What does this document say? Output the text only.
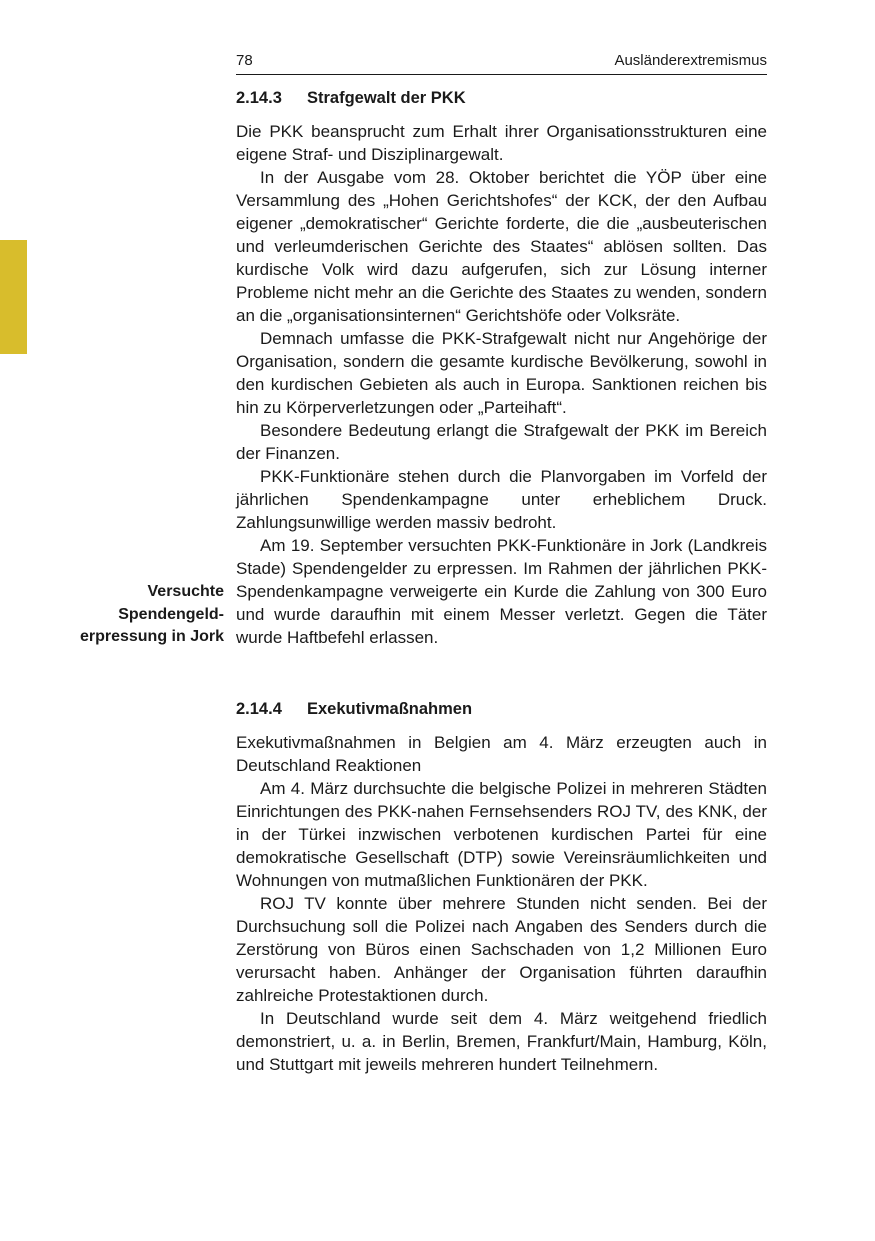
78	Ausländerextremismus
Versuchte
Spendengeld-
erpressung in Jork
2.14.3 Strafgewalt der PKK

Die PKK beansprucht zum Erhalt ihrer Organisationsstrukturen eine eigene Straf- und Disziplinargewalt.

In der Ausgabe vom 28. Oktober berichtet die YÖP über eine Versammlung des „Hohen Gerichtshofes“ der KCK, der den Aufbau eigener „demokratischer“ Gerichte forderte, die die „ausbeuterischen und verleumderischen Gerichte des Staates“ ablösen sollten. Das kurdische Volk wird dazu aufgerufen, sich zur Lösung interner Probleme nicht mehr an die Gerichte des Staates zu wenden, sondern an die „organisationsinternen“ Gerichtshöfe oder Volksräte.

Demnach umfasse die PKK-Strafgewalt nicht nur Angehörige der Organisation, sondern die gesamte kurdische Bevölkerung, sowohl in den kurdischen Gebieten als auch in Europa. Sanktionen reichen bis hin zu Körperverletzungen oder „Parteihaft“.

Besondere Bedeutung erlangt die Strafgewalt der PKK im Bereich der Finanzen.

PKK-Funktionäre stehen durch die Planvorgaben im Vorfeld der jährlichen Spendenkampagne unter erheblichem Druck. Zahlungsunwillige werden massiv bedroht.

Am 19. September versuchten PKK-Funktionäre in Jork (Landkreis Stade) Spendengelder zu erpressen. Im Rahmen der jährlichen PKK-Spendenkampagne verweigerte ein Kurde die Zahlung von 300 Euro und wurde daraufhin mit einem Messer verletzt. Gegen die Täter wurde Haftbefehl erlassen.

2.14.4 Exekutivmaßnahmen

Exekutivmaßnahmen in Belgien am 4. März erzeugten auch in Deutschland Reaktionen

Am 4. März durchsuchte die belgische Polizei in mehreren Städten Einrichtungen des PKK-nahen Fernsehsenders ROJ TV, des KNK, der in der Türkei inzwischen verbotenen kurdischen Partei für eine demokratische Gesellschaft (DTP) sowie Vereinsräumlichkeiten und Wohnungen von mutmaßlichen Funktionären der PKK.

ROJ TV konnte über mehrere Stunden nicht senden. Bei der Durchsuchung soll die Polizei nach Angaben des Senders durch die Zerstörung von Büros einen Sachschaden von 1,2 Millionen Euro verursacht haben. Anhänger der Organisation führten daraufhin zahlreiche Protestaktionen durch.

In Deutschland wurde seit dem 4. März weitgehend friedlich demonstriert, u. a. in Berlin, Bremen, Frankfurt/Main, Hamburg, Köln, und Stuttgart mit jeweils mehreren hundert Teilnehmern.
